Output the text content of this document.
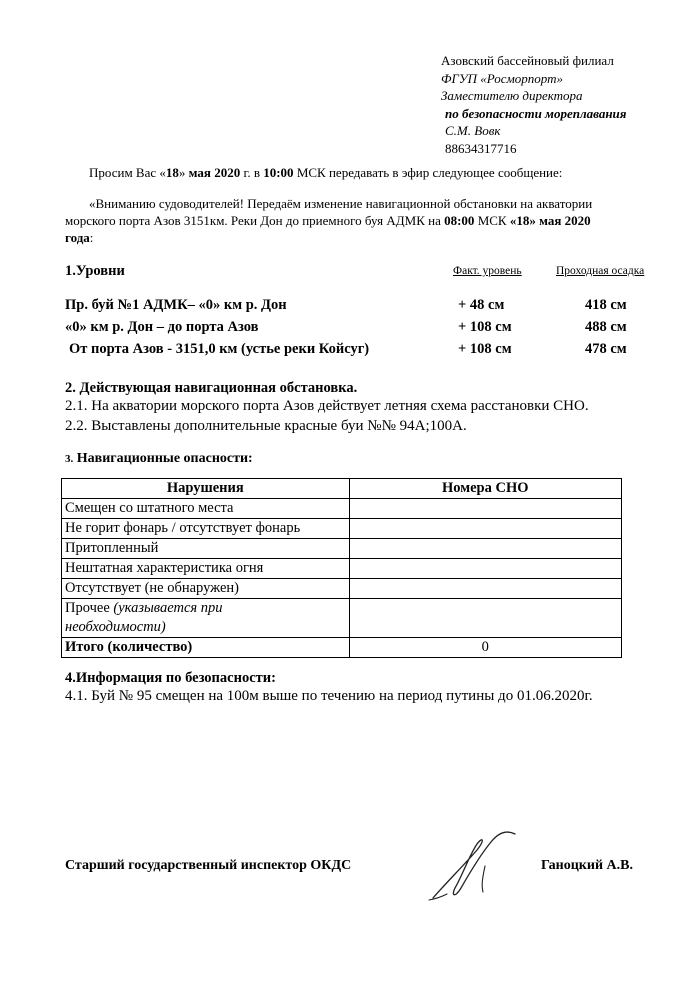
Азовский бассейновый филиал
ФГУП «Росморпорт»
Заместителю директора
по безопасности мореплавания
С.М. Вовк
88634317716
Просим Вас «18» мая 2020 г. в 10:00 МСК передавать в эфир следующее сообщение:
«Вниманию судоводителей! Передаём изменение навигационной обстановки на акватории
морского порта Азов 3151км. Реки Дон до приемного буя АДМК на 08:00 МСК «18» мая 2020
года:
1.Уровни	Факт. уровень	Проходная осадка
Пр. буй №1 АДМК– «0» км р. Дон	+ 48 см	418 см
«0» км р. Дон – до порта Азов	+ 108 см	488 см
От порта Азов - 3151,0 км (устье реки Койсуг)	+ 108 см	478 см
2. Действующая навигационная обстановка.
2.1. На акватории морского порта Азов действует летняя схема расстановки СНО.
2.2. Выставлены дополнительные красные буи №№ 94А;100А.
3. Навигационные опасности:
Нарушения	Номера СНО
Смещен со штатного места	
Не горит фонарь / отсутствует фонарь	
Притопленный	
Нештатная характеристика огня	
Отсутствует (не обнаружен)	
Прочее (указывается при
необходимости)	
Итого (количество)	0
4.Информация по безопасности:
4.1. Буй № 95 смещен на 100м выше по течению на период путины до 01.06.2020г.
Старший государственный инспектор ОКДС	Ганоцкий А.В.
